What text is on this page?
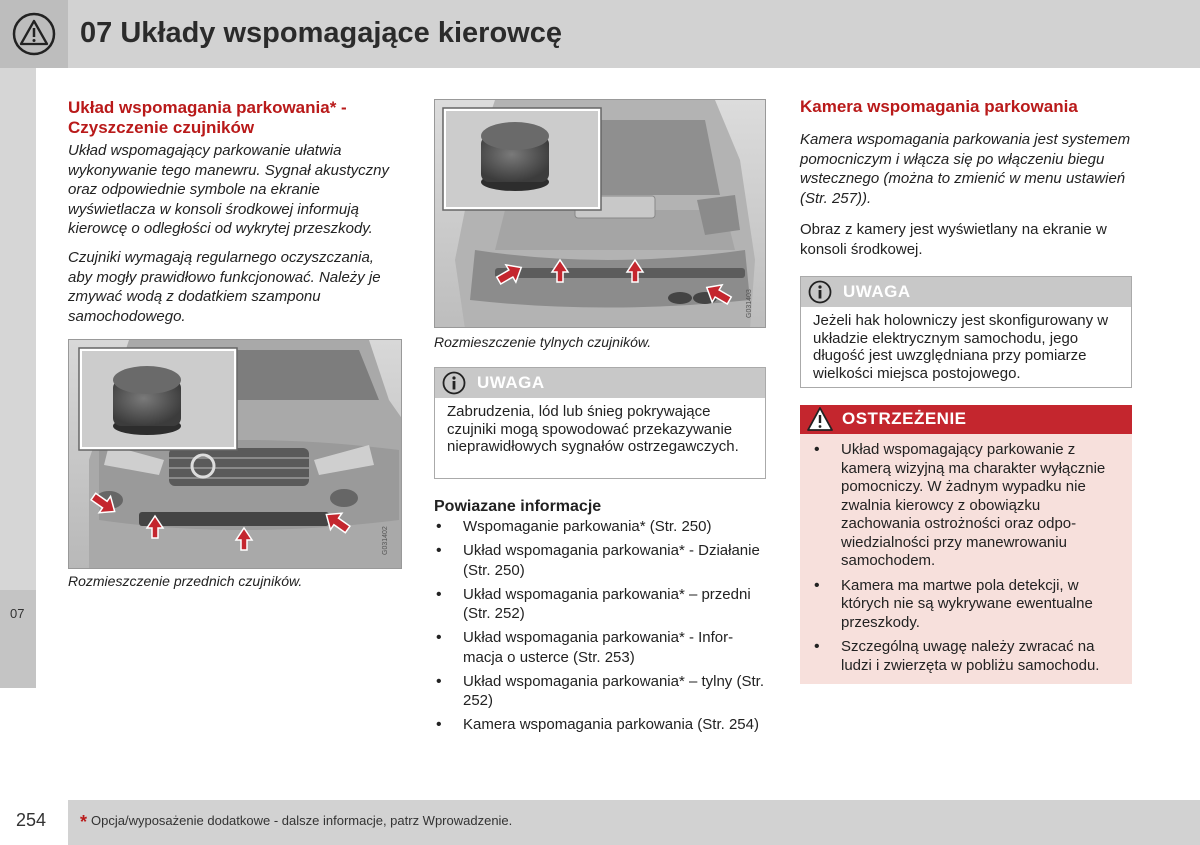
07 Układy wspomagające kierowcę
07
Układ wspomagania parkowania* - Czyszczenie czujników

Układ wspomagający parkowanie ułatwia wykonywanie tego manewru. Sygnał akustyczny oraz odpowiednie symbole na ekranie wyświetlacza w konsoli środkowej informują kierowcę o odległości od wykrytej przeszkody.

Czujniki wymagają regularnego oczyszczania, aby mogły prawidłowo funkcjonować. Należy je zmywać wodą z dodatkiem szamponu samochodowego.

G031402
Rozmieszczenie przednich czujników.
G031403
Rozmieszczenie tylnych czujników.
UWAGA
Zabrudzenia, lód lub śnieg pokrywające czujniki mogą spowodować przekazywanie nieprawidłowych sygnałów ostrzegawczych.
Powiazane informacje
• Wspomaganie parkowania* (Str. 250)
• Układ wspomagania parkowania* - Działanie (Str. 250)
• Układ wspomagania parkowania* – przedni (Str. 252)
• Układ wspomagania parkowania* - Informacja o usterce (Str. 253)
• Układ wspomagania parkowania* – tylny (Str. 252)
• Kamera wspomagania parkowania (Str. 254)
Kamera wspomagania parkowania

Kamera wspomagania parkowania jest systemem pomocniczym i włącza się po włączeniu biegu wstecznego (można to zmienić w menu ustawień (Str. 257)).

Obraz z kamery jest wyświetlany na ekranie w konsoli środkowej.

UWAGA
Jeżeli hak holowniczy jest skonfigurowany w układzie elektrycznym samochodu, jego długość jest uwzględniana przy pomiarze wielkości miejsca postojowego.
OSTRZEŻENIE
• Układ wspomagający parkowanie z kamerą wizyjną ma charakter wyłącznie pomocniczy. W żadnym wypadku nie zwalnia kierowcy z obowiązku zachowania ostrożności oraz odpowiedzialności przy manewrowaniu samochodem.
• Kamera ma martwe pola detekcji, w których nie są wykrywane ewentualne przeszkody.
• Szczególną uwagę należy zwracać na ludzi i zwierzęta w pobliżu samochodu.
254 * Opcja/wyposażenie dodatkowe - dalsze informacje, patrz Wprowadzenie.
